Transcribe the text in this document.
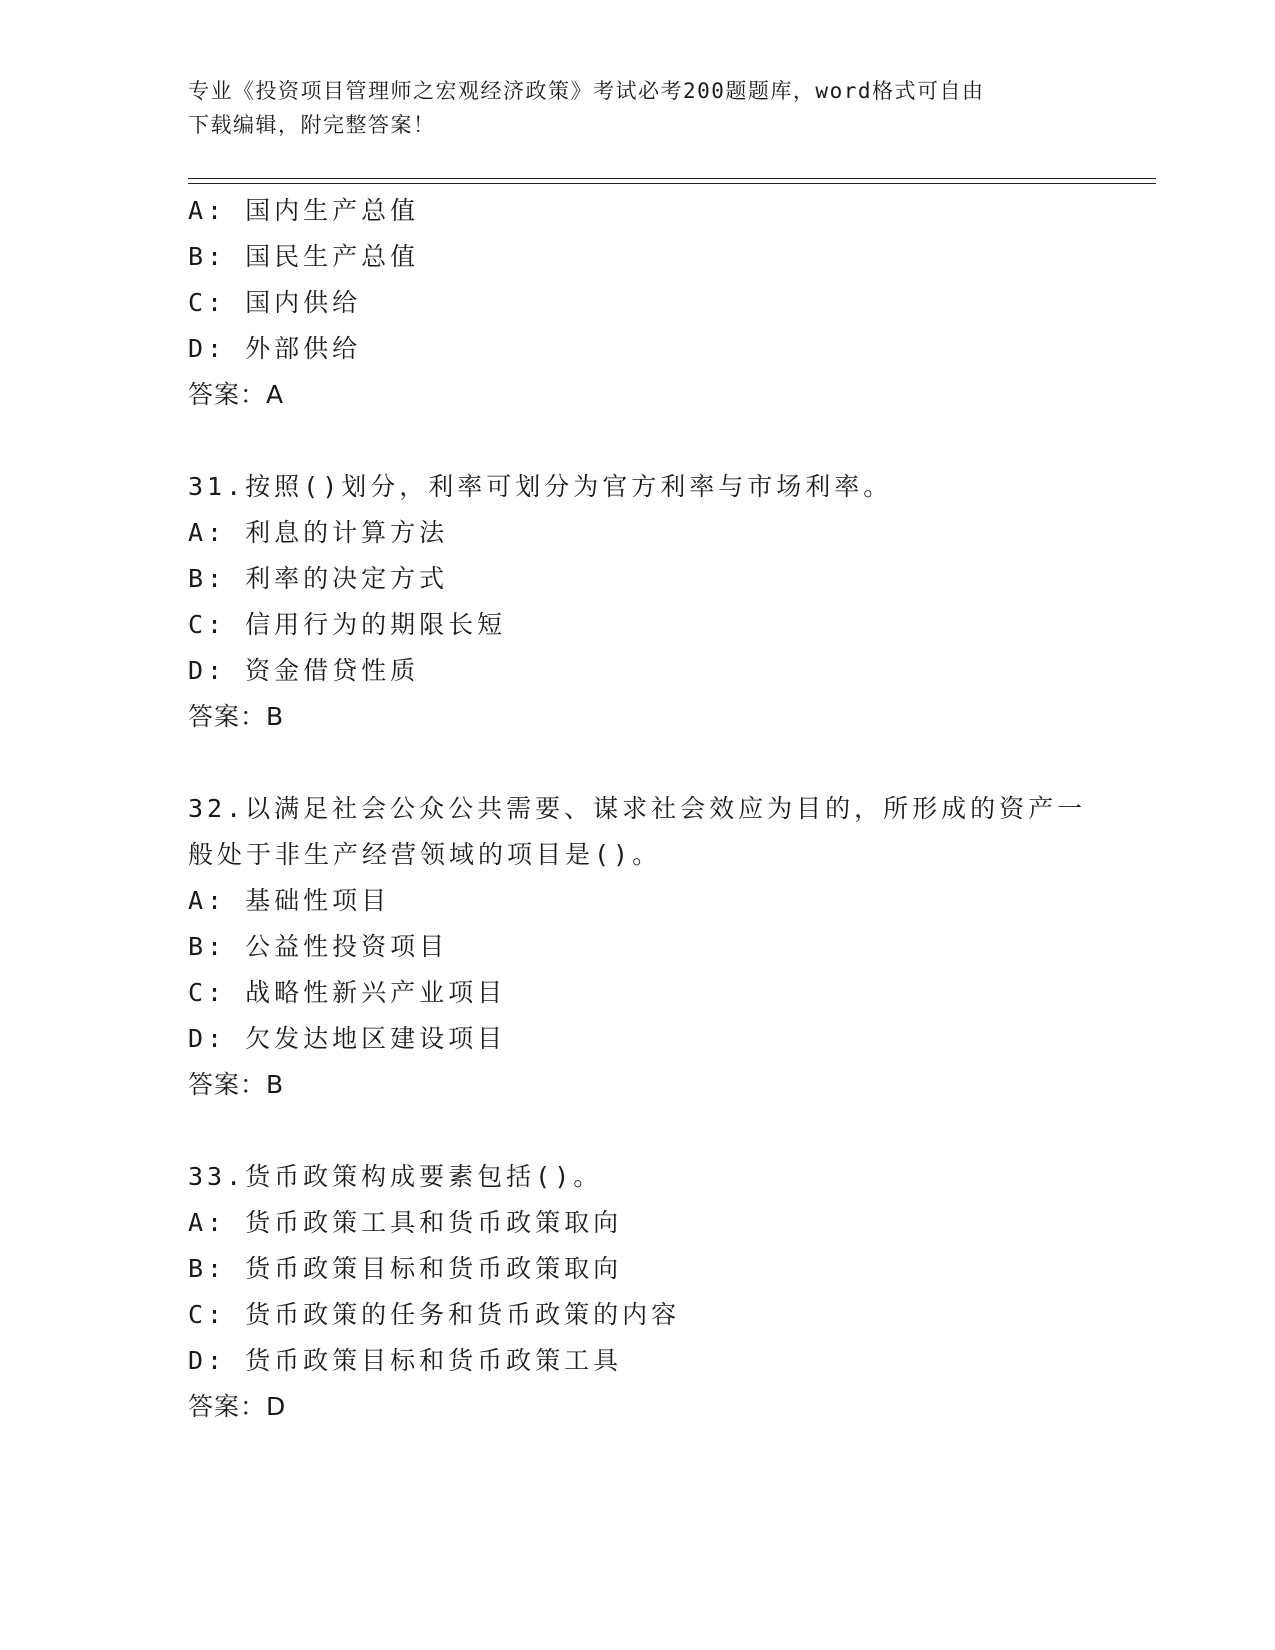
专业《投资项目管理师之宏观经济政策》考试必考200题题库，word格式可自由
下载编辑，附完整答案！
A: 国内生产总值
B: 国民生产总值
C: 国内供给
D: 外部供给
答案：A
31.按照()划分，利率可划分为官方利率与市场利率。
A: 利息的计算方法
B: 利率的决定方式
C: 信用行为的期限长短
D: 资金借贷性质
答案：B
32.以满足社会公众公共需要、谋求社会效应为目的，所形成的资产一
般处于非生产经营领域的项目是()。
A: 基础性项目
B: 公益性投资项目
C: 战略性新兴产业项目
D: 欠发达地区建设项目
答案：B
33.货币政策构成要素包括()。
A: 货币政策工具和货币政策取向
B: 货币政策目标和货币政策取向
C: 货币政策的任务和货币政策的内容
D: 货币政策目标和货币政策工具
答案：D
